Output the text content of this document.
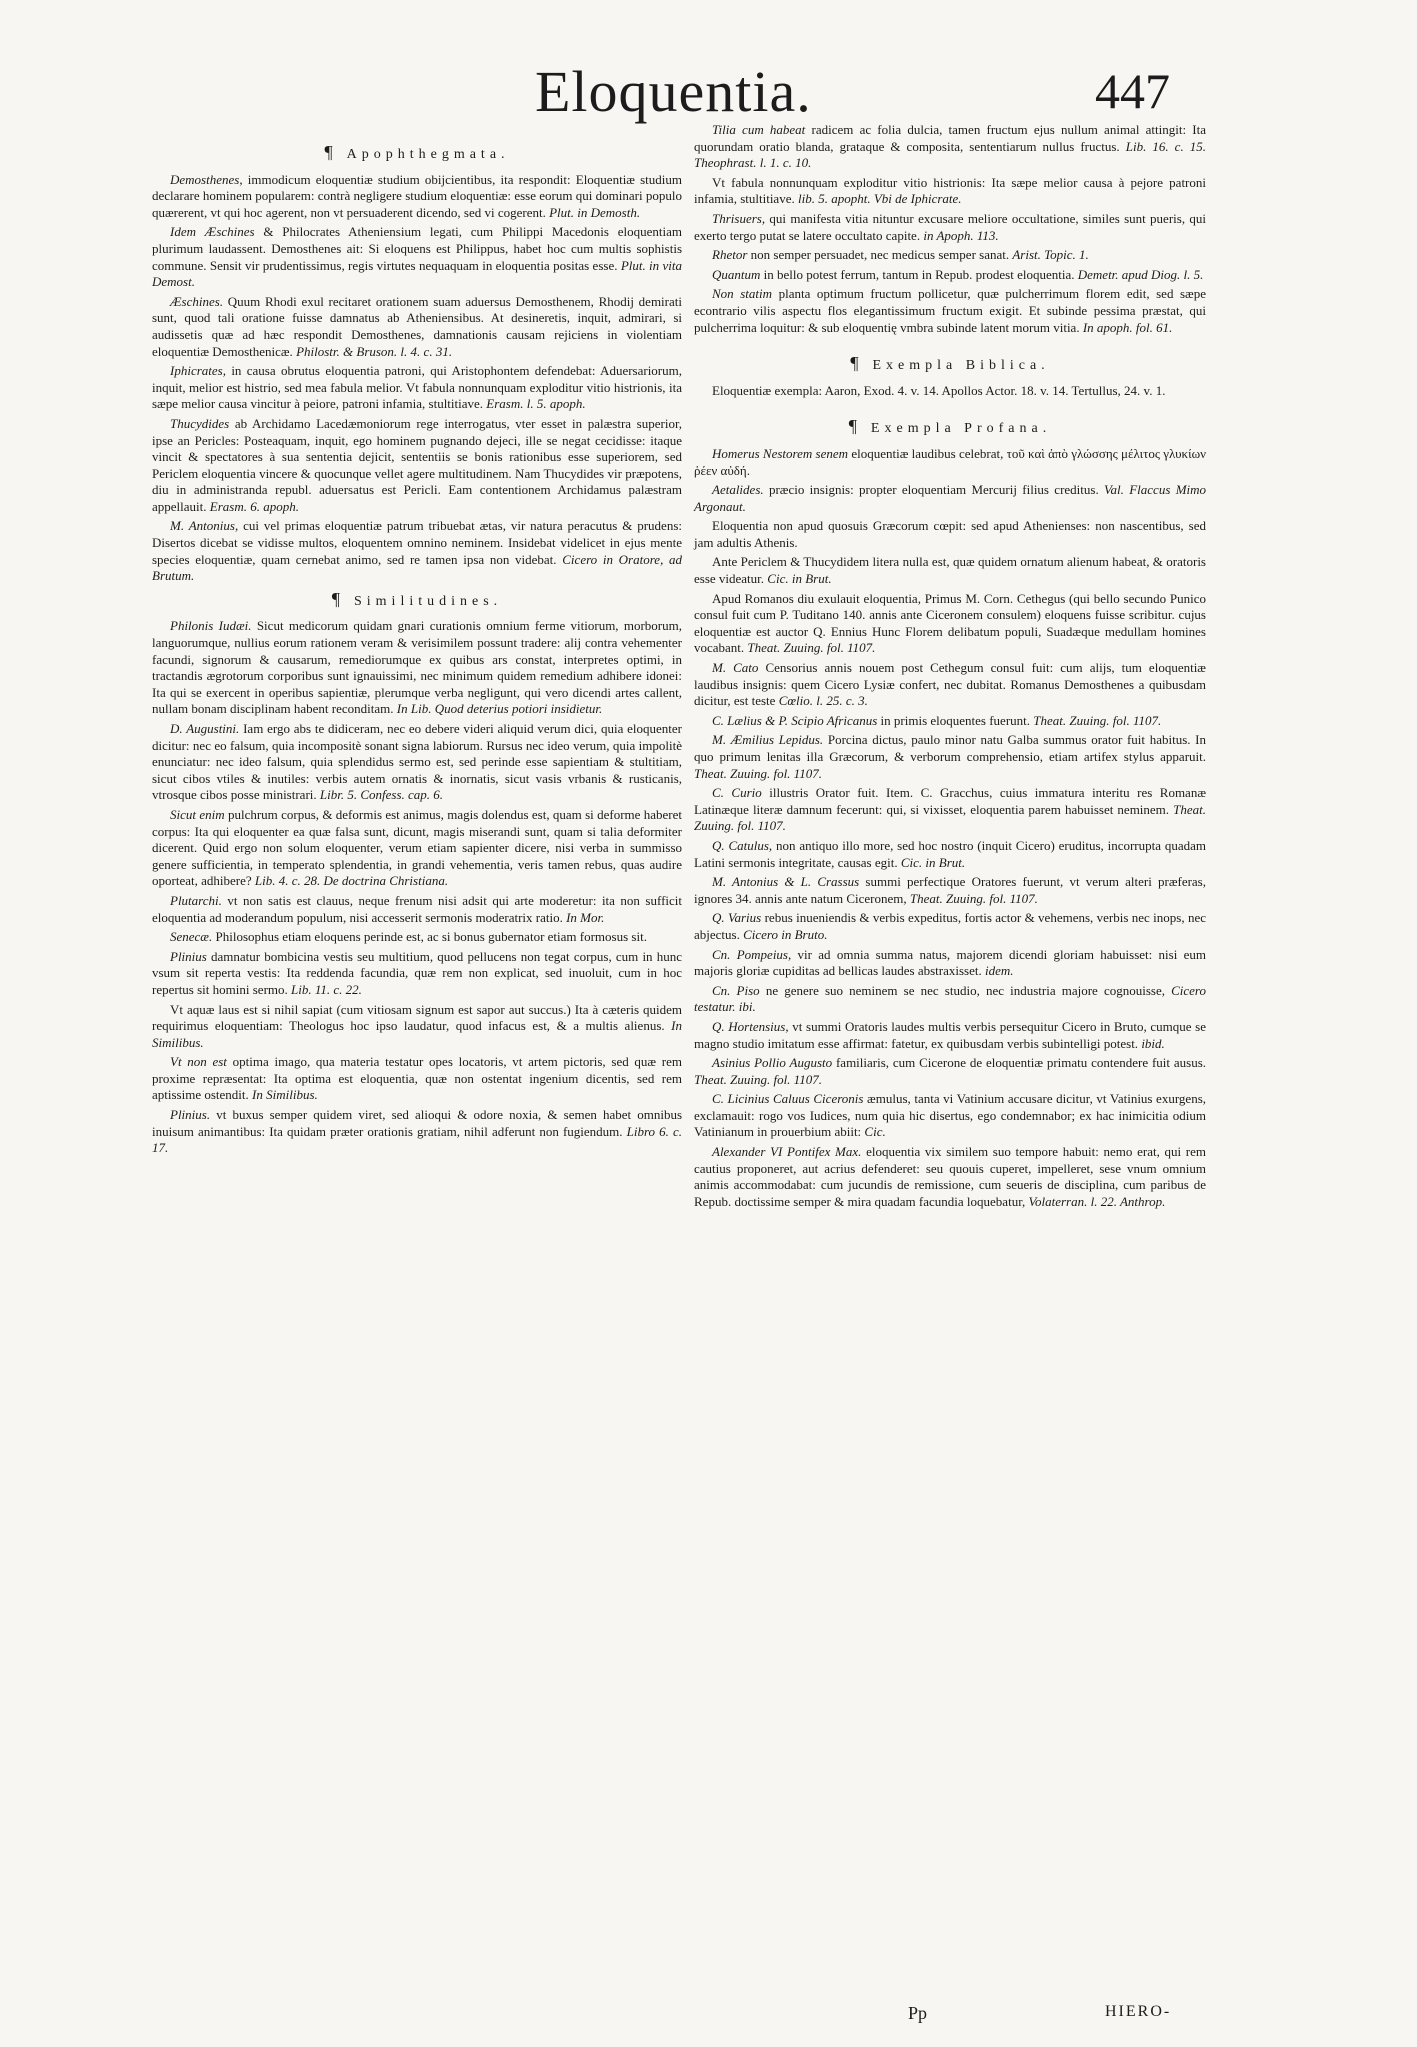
Eloquentia.	447
¶ Apophthegmata.

Demosthenes, immodicum eloquentiæ studium obijcientibus, ita respondit: Eloquentiæ studium declarare hominem popularem: contrà negligere studium eloquentiæ: esse eorum qui dominari populo quærerent, vt qui hoc agerent, non vt persuaderent dicendo, sed vi cogerent. Plut. in Demosth.

Idem Æschines & Philocrates Atheniensium legati, cum Philippi Macedonis eloquentiam plurimum laudassent. Demosthenes ait: Si eloquens est Philippus, habet hoc cum multis sophistis commune. Sensit vir prudentissimus, regis virtutes nequaquam in eloquentia positas esse. Plut. in vita Demost.

Æschines. Quum Rhodi exul recitaret orationem suam aduersus Demosthenem, Rhodij demirati sunt, quod tali oratione fuisse damnatus ab Atheniensibus. At desineretis, inquit, admirari, si audissetis quæ ad hæc respondit Demosthenes, damnationis causam rejiciens in violentiam eloquentiæ Demosthenicæ. Philostr. & Bruson. l. 4. c. 31.

Iphicrates, in causa obrutus eloquentia patroni, qui Aristophontem defendebat: Aduersariorum, inquit, melior est histrio, sed mea fabula melior. Vt fabula nonnunquam exploditur vitio histrionis, ita sæpe melior causa vincitur à peiore, patroni infamia, stultitiave. Erasm. l. 5. apoph.

Thucydides ab Archidamo Lacedæmoniorum rege interrogatus, vter esset in palæstra superior, ipse an Pericles: Posteaquam, inquit, ego hominem pugnando dejeci, ille se negat cecidisse: itaque vincit & spectatores à sua sententia dejicit, sententiis se bonis rationibus esse superiorem, sed Periclem eloquentia vincere & quocunque vellet agere multitudinem. Nam Thucydides vir præpotens, diu in administranda republ. aduersatus est Pericli. Eam contentionem Archidamus palæstram appellauit. Erasm. 6. apoph.

M. Antonius, cui vel primas eloquentiæ patrum tribuebat ætas, vir natura peracutus & prudens: Disertos dicebat se vidisse multos, eloquentem omnino neminem. Insidebat videlicet in ejus mente species eloquentiæ, quam cernebat animo, sed re tamen ipsa non videbat. Cicero in Oratore, ad Brutum.

¶ Similitudines.

Philonis Iudæi. Sicut medicorum quidam gnari curationis omnium ferme vitiorum, morborum, languorumque, nullius eorum rationem veram & verisimilem possunt tradere: alij contra vehementer facundi, signorum & causarum, remediorumque ex quibus ars constat, interpretes optimi, in tractandis ægrotorum corporibus sunt ignauissimi, nec minimum quidem remedium adhibere idonei: Ita qui se exercent in operibus sapientiæ, plerumque verba negligunt, qui vero dicendi artes callent, nullam bonam disciplinam habent reconditam. In Lib. Quod deterius potiori insidietur.

D. Augustini. Iam ergo abs te didiceram, nec eo debere videri aliquid verum dici, quia eloquenter dicitur: nec eo falsum, quia incompositè sonant signa labiorum. Rursus nec ideo verum, quia impolitè enunciatur: nec ideo falsum, quia splendidus sermo est, sed perinde esse sapientiam & stultitiam, sicut cibos vtiles & inutiles: verbis autem ornatis & inornatis, sicut vasis vrbanis & rusticanis, vtrosque cibos posse ministrari. Libr. 5. Confess. cap. 6.

Sicut enim pulchrum corpus, & deformis est animus, magis dolendus est, quam si deforme haberet corpus: Ita qui eloquenter ea quæ falsa sunt, dicunt, magis miserandi sunt, quam si talia deformiter dicerent. Quid ergo non solum eloquenter, verum etiam sapienter dicere, nisi verba in summisso genere sufficientia, in temperato splendentia, in grandi vehementia, veris tamen rebus, quas audire oporteat, adhibere? Lib. 4. c. 28. De doctrina Christiana.

Plutarchi. vt non satis est clauus, neque frenum nisi adsit qui arte moderetur: ita non sufficit eloquentia ad moderandum populum, nisi accesserit sermonis moderatrix ratio. In Mor.

Senecæ. Philosophus etiam eloquens perinde est, ac si bonus gubernator etiam formosus sit.

Plinius damnatur bombicina vestis seu multitium, quod pellucens non tegat corpus, cum in hunc vsum sit reperta vestis: Ita reddenda facundia, quæ rem non explicat, sed inuoluit, cum in hoc repertus sit homini sermo. Lib. 11. c. 22.

Vt aquæ laus est si nihil sapiat (cum vitiosam signum est sapor aut succus.) Ita à cæteris quidem requirimus eloquentiam: Theologus hoc ipso laudatur, quod infacus est, & a multis alienus. In Similibus.

Vt non est optima imago, qua materia testatur opes locatoris, vt artem pictoris, sed quæ rem proxime repræsentat: Ita optima est eloquentia, quæ non ostentat ingenium dicentis, sed rem aptissime ostendit. In Similibus.

Plinius. vt buxus semper quidem viret, sed alioqui & odore noxia, & semen habet omnibus inuisum animantibus: Ita quidam præter orationis gratiam, nihil adferunt non fugiendum. Libro 6. c. 17.

Tilia cum habeat radicem ac folia dulcia, tamen fructum ejus nullum animal attingit: Ita quorundam oratio blanda, grataque & composita, sententiarum nullus fructus. Lib. 16. c. 15. Theophrast. l. 1. c. 10.

Vt fabula nonnunquam exploditur vitio histrionis: Ita sæpe melior causa à pejore patroni infamia, stultitiave. lib. 5. apopht. Vbi de Iphicrate.

Thrisuers, qui manifesta vitia nituntur excusare meliore occultatione, similes sunt pueris, qui exerto tergo putat se latere occultato capite. in Apoph. 113.

Rhetor non semper persuadet, nec medicus semper sanat. Arist. Topic. 1.

Quantum in bello potest ferrum, tantum in Repub. prodest eloquentia. Demetr. apud Diog. l. 5.

Non statim planta optimum fructum pollicetur, quæ pulcherrimum florem edit, sed sæpe econtrario vilis aspectu flos elegantissimum fructum exigit. Et subinde pessima præstat, qui pulcherrima loquitur: & sub eloquentię vmbra subinde latent morum vitia. In apoph. fol. 61.

¶ Exempla Biblica.

Eloquentiæ exempla: Aaron, Exod. 4. v. 14. Apollos Actor. 18. v. 14. Tertullus, 24. v. 1.

¶ Exempla Profana.

Homerus Nestorem senem eloquentiæ laudibus celebrat, τοῦ καὶ ἀπὸ γλώσσης μέλιτος γλυκίων ῥέεν αὐδή.

Aetalides. præcio insignis: propter eloquentiam Mercurij filius creditus. Val. Flaccus Mimo Argonaut.

Eloquentia non apud quosuis Græcorum cœpit: sed apud Athenienses: non nascentibus, sed jam adultis Athenis.

Ante Periclem & Thucydidem litera nulla est, quæ quidem ornatum alienum habeat, & oratoris esse videatur. Cic. in Brut.

Apud Romanos diu exulauit eloquentia, Primus M. Corn. Cethegus (qui bello secundo Punico consul fuit cum P. Tuditano 140. annis ante Ciceronem consulem) eloquens fuisse scribitur. cujus eloquentiæ est auctor Q. Ennius Hunc Florem delibatum populi, Suadæque medullam homines vocabant. Theat. Zuuing. fol. 1107.

M. Cato Censorius annis nouem post Cethegum consul fuit: cum alijs, tum eloquentiæ laudibus insignis: quem Cicero Lysiæ confert, nec dubitat. Romanus Demosthenes a quibusdam dicitur, est teste Cœlio. l. 25. c. 3.

C. Lælius & P. Scipio Africanus in primis eloquentes fuerunt. Theat. Zuuing. fol. 1107.

M. Æmilius Lepidus. Porcina dictus, paulo minor natu Galba summus orator fuit habitus. In quo primum lenitas illa Græcorum, & verborum comprehensio, etiam artifex stylus apparuit. Theat. Zuuing. fol. 1107.

C. Curio illustris Orator fuit. Item. C. Gracchus, cuius immatura interitu res Romanæ Latinæque literæ damnum fecerunt: qui, si vixisset, eloquentia parem habuisset neminem. Theat. Zuuing. fol. 1107.

Q. Catulus, non antiquo illo more, sed hoc nostro (inquit Cicero) eruditus, incorrupta quadam Latini sermonis integritate, causas egit. Cic. in Brut.

M. Antonius & L. Crassus summi perfectique Oratores fuerunt, vt verum alteri præferas, ignores 34. annis ante natum Ciceronem, Theat. Zuuing. fol. 1107.

Q. Varius rebus inueniendis & verbis expeditus, fortis actor & vehemens, verbis nec inops, nec abjectus. Cicero in Bruto.

Cn. Pompeius, vir ad omnia summa natus, majorem dicendi gloriam habuisset: nisi eum majoris gloriæ cupiditas ad bellicas laudes abstraxisset. idem.

Cn. Piso ne genere suo neminem se nec studio, nec industria majore cognouisse, Cicero testatur. ibi.

Q. Hortensius, vt summi Oratoris laudes multis verbis persequitur Cicero in Bruto, cumque se magno studio imitatum esse affirmat: fatetur, ex quibusdam verbis subintelligi potest. ibid.

Asinius Pollio Augusto familiaris, cum Cicerone de eloquentiæ primatu contendere fuit ausus. Theat. Zuuing. fol. 1107.

C. Licinius Caluus Ciceronis æmulus, tanta vi Vatinium accusare dicitur, vt Vatinius exurgens, exclamauit: rogo vos Iudices, num quia hic disertus, ego condemnabor; ex hac inimicitia odium Vatinianum in prouerbium abiit: Cic.

Alexander VI Pontifex Max. eloquentia vix similem suo tempore habuit: nemo erat, qui rem cautius proponeret, aut acrius defenderet: seu quouis cuperet, impelleret, sese vnum omnium animis accommodabat: cum jucundis de remissione, cum seueris de disciplina, cum paribus de Repub. doctissime semper & mira quadam facundia loquebatur, Volaterran. l. 22. Anthrop.

Pp	HIERO-
